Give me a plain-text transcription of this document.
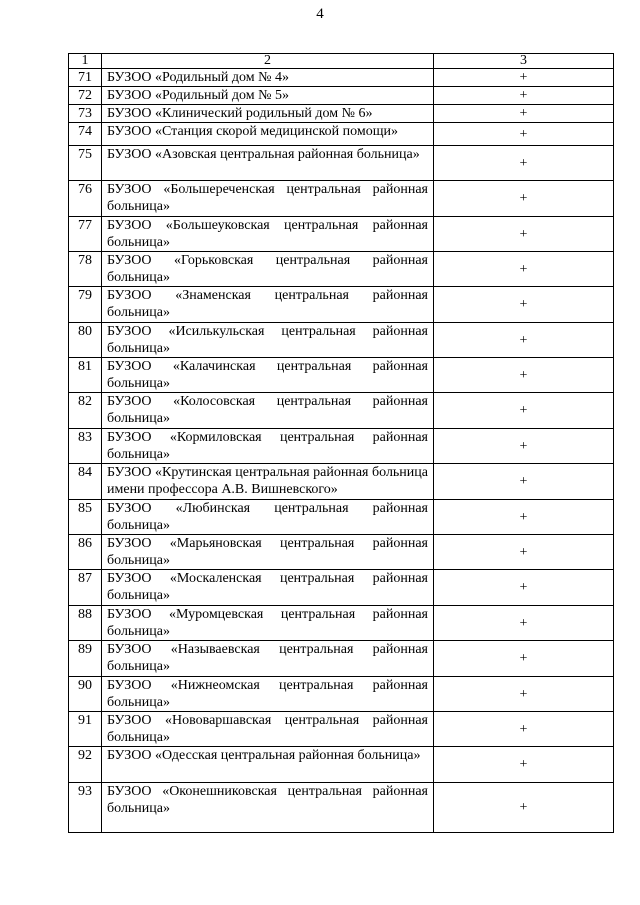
4
1	2	3
71	БУЗОО «Родильный дом № 4»	+
72	БУЗОО «Родильный дом № 5»	+
73	БУЗОО «Клинический родильный дом № 6»	+
74	БУЗОО «Станция скорой медицинской помощи»	+
75	БУЗОО «Азовская центральная районная больница»	+
76	БУЗОО «Большереченская центральная районная больница»	+
77	БУЗОО «Большеуковская центральная районная больница»	+
78	БУЗОО «Горьковская центральная районная больница»	+
79	БУЗОО «Знаменская центральная районная больница»	+
80	БУЗОО «Исилькульская центральная районная больница»	+
81	БУЗОО «Калачинская центральная районная больница»	+
82	БУЗОО «Колосовская центральная районная больница»	+
83	БУЗОО «Кормиловская центральная районная больница»	+
84	БУЗОО «Крутинская центральная районная больница имени профессора А.В. Вишневского»	+
85	БУЗОО «Любинская центральная районная больница»	+
86	БУЗОО «Марьяновская центральная районная больница»	+
87	БУЗОО «Москаленская центральная районная больница»	+
88	БУЗОО «Муромцевская центральная районная больница»	+
89	БУЗОО «Называевская центральная районная больница»	+
90	БУЗОО «Нижнеомская центральная районная больница»	+
91	БУЗОО «Нововаршавская центральная районная больница»	+
92	БУЗОО «Одесская центральная районная больница»	+
93	БУЗОО «Оконешниковская центральная районная больница»	+
